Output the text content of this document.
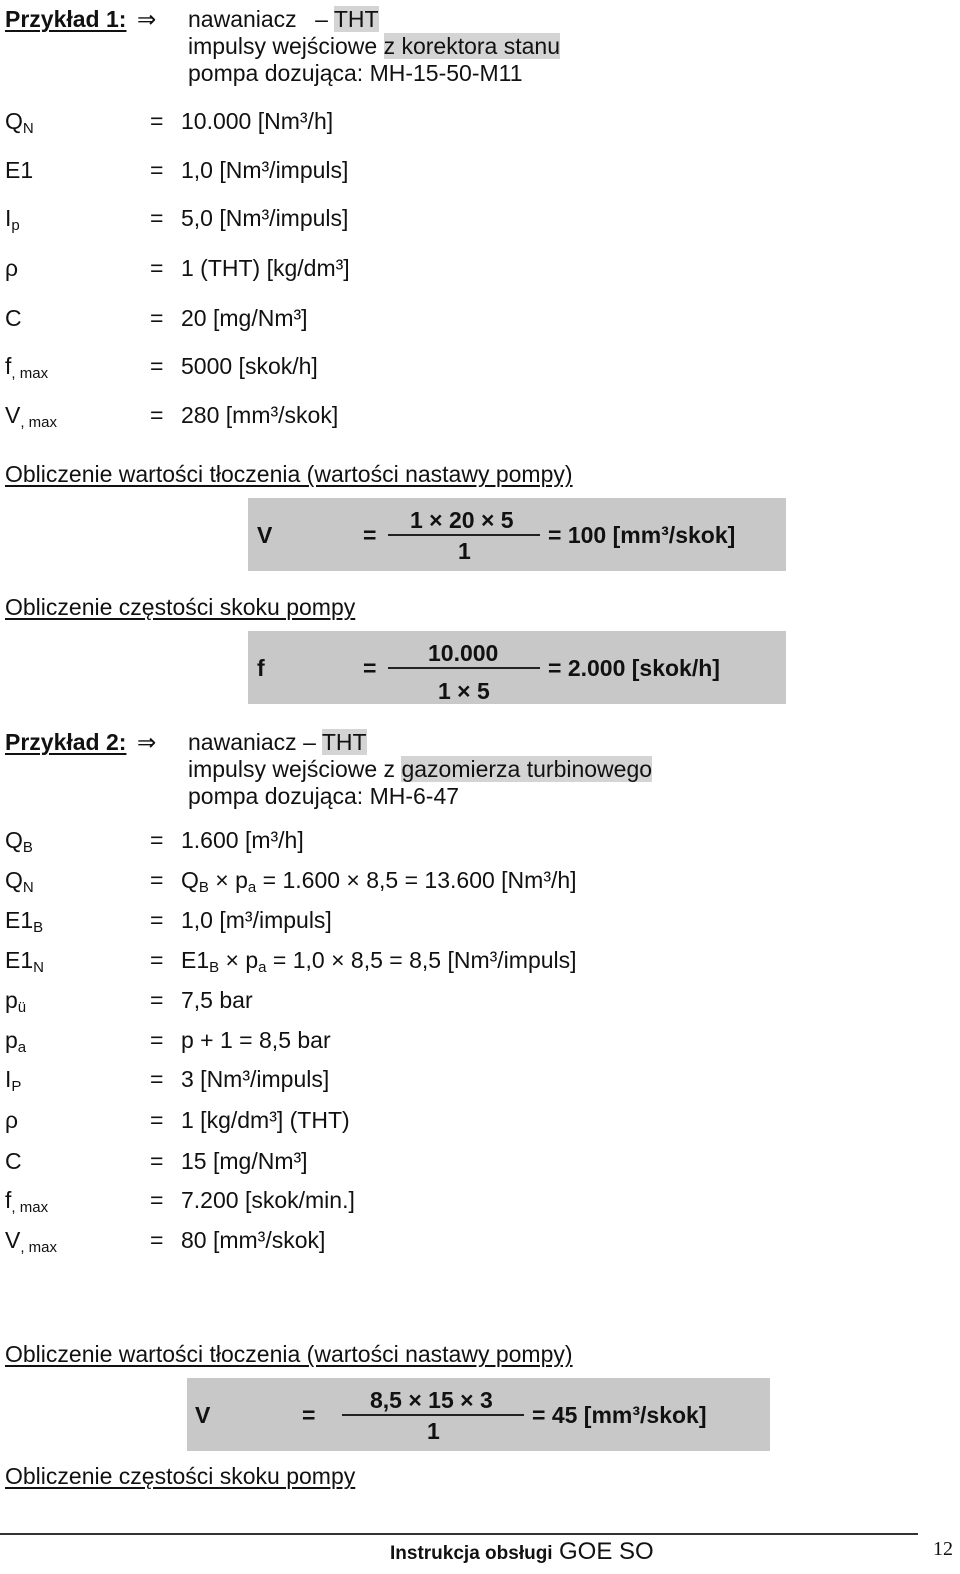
Przykład 1: ⇒ nawaniacz – THT
impulsy wejściowe z korektora stanu
pompa dozująca: MH-15-50-M11
$Q_N$	= 10.000 [Nm³/h]
E1	= 1,0 [Nm³/impuls]
$I_p$	= 5,0 [Nm³/impuls]
ρ	= 1 (THT) [kg/dm³]
C	= 20 [mg/Nm³]
$f_{, max}$	= 5000 [skok/h]
$V_{, max}$	= 280 [mm³/skok]
Obliczenie wartości tłoczenia (wartości nastawy pompy)
V	=
1 × 20 × 5
1
= 100 [mm³/skok]
Obliczenie częstości skoku pompy
f	=
10.000
1 × 5
= 2.000 [skok/h]
Przykład 2: ⇒ nawaniacz – THT
impulsy wejściowe z gazomierza turbinowego
pompa dozująca: MH-6-47
$Q_B$	= 1.600 [m³/h]
$Q_N$	= $Q_B \times p_a = 1.600 \times 8,5 = 13.600$ [Nm³/h]
$E1_B$	= 1,0 [m³/impuls]
$E1_N$	= $E1_B \times p_a = 1,0 \times 8,5 = 8,5$ [Nm³/impuls]
$p_ü$	= 7,5 bar
$p_a$	= p + 1 = 8,5 bar
$I_P$	= 3 [Nm³/impuls]
ρ	= 1 [kg/dm³] (THT)
C	= 15 [mg/Nm³]
$f_{, max}$	= 7.200 [skok/min.]
$V_{, max}$	= 80 [mm³/skok]
Obliczenie wartości tłoczenia (wartości nastawy pompy)
V	=
8,5 × 15 × 3
1
= 45 [mm³/skok]
Obliczenie częstości skoku pompy
Instrukcja obsługi GOE SO	12
